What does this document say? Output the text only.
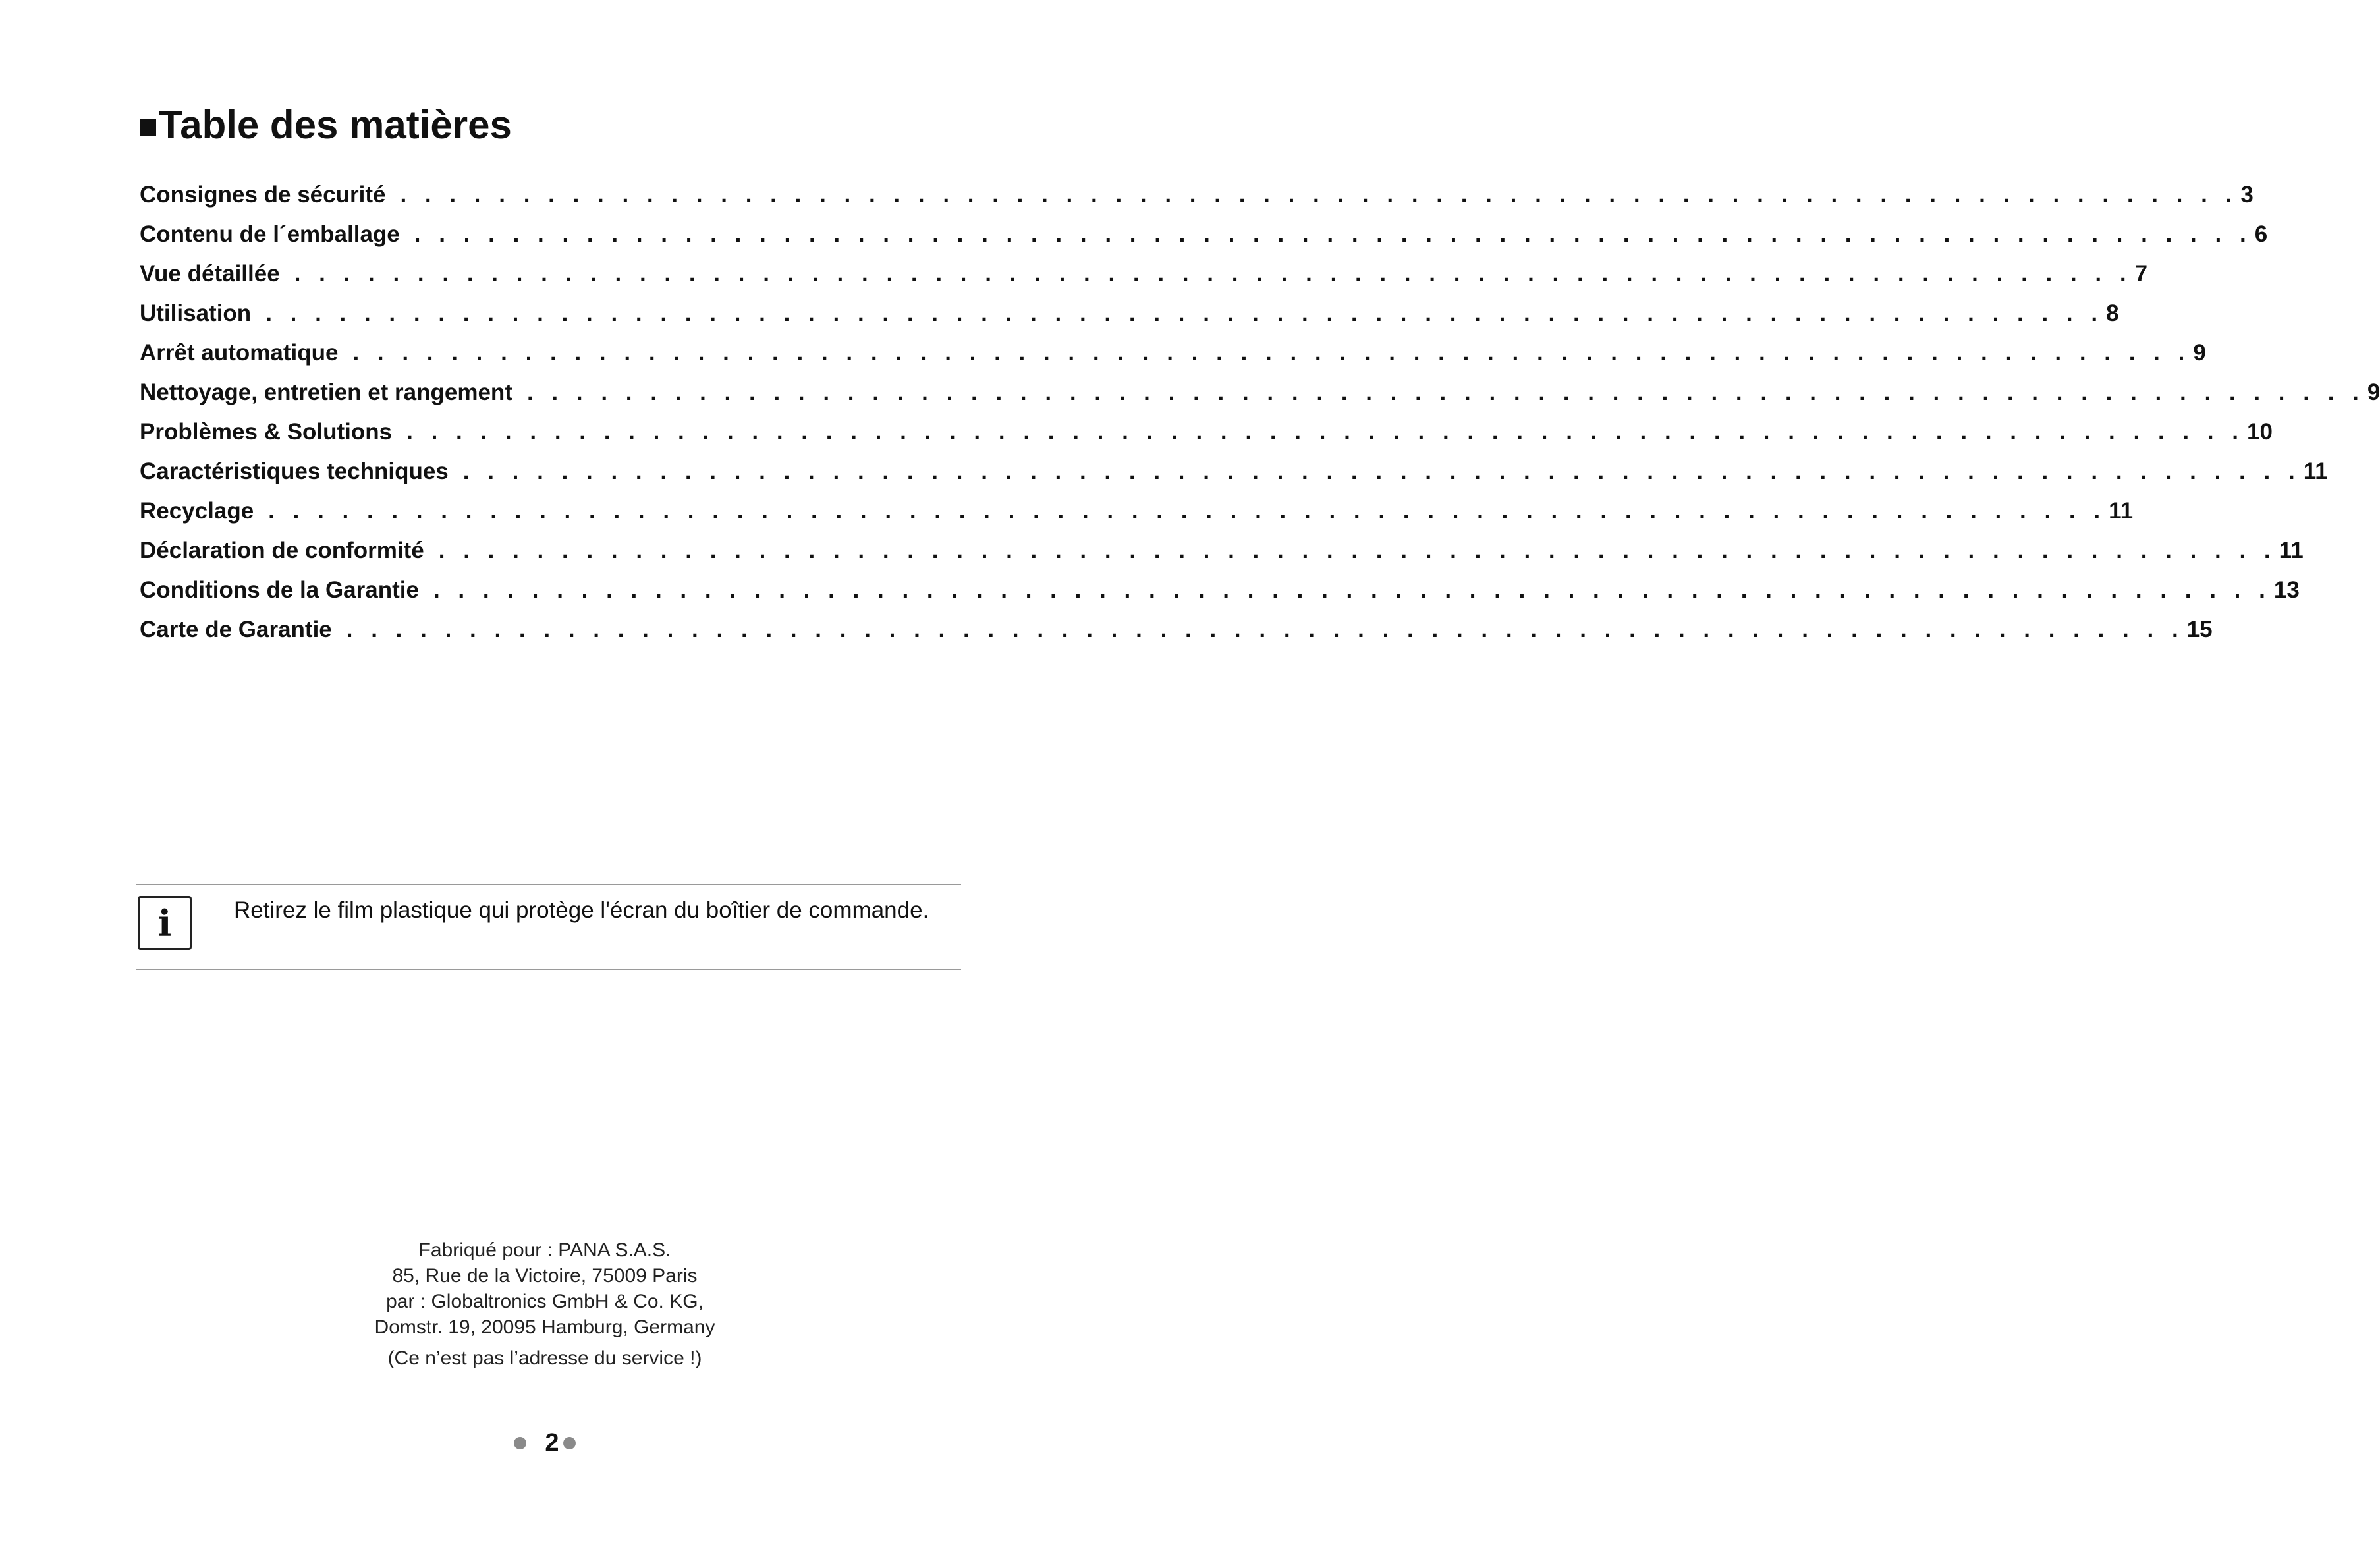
Table des matières
Consignes de sécurité . . . . . . . . . . . . . . . . . . . . . . . . . . . . . . . . . . . . . . . . . . . . . . . . . . . . . . . . . . . . . . . . . . . . . . . . . . . 3
Contenu de l´emballage . . . . . . . . . . . . . . . . . . . . . . . . . . . . . . . . . . . . . . . . . . . . . . . . . . . . . . . . . . . . . . . . . . . . . . . . . . . 6
Vue détaillée . . . . . . . . . . . . . . . . . . . . . . . . . . . . . . . . . . . . . . . . . . . . . . . . . . . . . . . . . . . . . . . . . . . . . . . . . . . 7
Utilisation . . . . . . . . . . . . . . . . . . . . . . . . . . . . . . . . . . . . . . . . . . . . . . . . . . . . . . . . . . . . . . . . . . . . . . . . . . . 8
Arrêt automatique . . . . . . . . . . . . . . . . . . . . . . . . . . . . . . . . . . . . . . . . . . . . . . . . . . . . . . . . . . . . . . . . . . . . . . . . . . . 9
Nettoyage, entretien et rangement . . . . . . . . . . . . . . . . . . . . . . . . . . . . . . . . . . . . . . . . . . . . . . . . . . . . . . . . . . . . . . . . . . . . . . . . . . . 9
Problèmes & Solutions . . . . . . . . . . . . . . . . . . . . . . . . . . . . . . . . . . . . . . . . . . . . . . . . . . . . . . . . . . . . . . . . . . . . . . . . . . . 10
Caractéristiques techniques . . . . . . . . . . . . . . . . . . . . . . . . . . . . . . . . . . . . . . . . . . . . . . . . . . . . . . . . . . . . . . . . . . . . . . . . . . . 11
Recyclage . . . . . . . . . . . . . . . . . . . . . . . . . . . . . . . . . . . . . . . . . . . . . . . . . . . . . . . . . . . . . . . . . . . . . . . . . . . 11
Déclaration de conformité . . . . . . . . . . . . . . . . . . . . . . . . . . . . . . . . . . . . . . . . . . . . . . . . . . . . . . . . . . . . . . . . . . . . . . . . . . . 11
Conditions de la Garantie . . . . . . . . . . . . . . . . . . . . . . . . . . . . . . . . . . . . . . . . . . . . . . . . . . . . . . . . . . . . . . . . . . . . . . . . . . . 13
Carte de Garantie . . . . . . . . . . . . . . . . . . . . . . . . . . . . . . . . . . . . . . . . . . . . . . . . . . . . . . . . . . . . . . . . . . . . . . . . . . . 15
i	Retirez le film plastique qui protège l'écran du boîtier de commande.
Fabriqué pour : PANA S.A.S.
85, Rue de la Victoire, 75009 Paris
par : Globaltronics GmbH & Co. KG,
Domstr. 19, 20095 Hamburg, Germany
(Ce n’est pas l’adresse du service !)
2
